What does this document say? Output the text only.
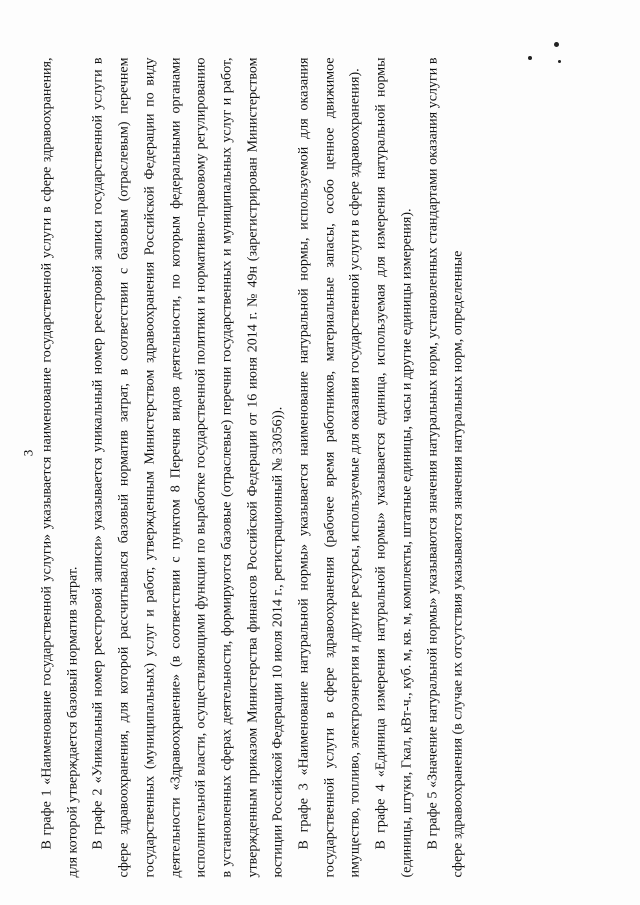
3 В графе 1 «Наименование государственной услуги» указывается наименование государственной услуги в сфере здравоохранения, для которой утверждается базовый норматив затрат. В графе 2 «Уникальный номер реестровой записи» указывается уникальный номер реестровой записи государственной услуги в сфере здравоохранения, для которой рассчитывался базовый норматив затрат, в соответствии с базовым (отраслевым) перечнем государственных (муниципальных) услуг и работ, утвержденным Министерством здравоохранения Российской Федерации по виду деятельности «Здравоохранение» (в соответствии с пунктом 8 Перечня видов деятельности, по которым федеральными органами исполнительной власти, осуществляющими функции по выработке государственной политики и нормативно-правовому регулированию в установленных сферах деятельности, формируются базовые (отраслевые) перечни государственных и муниципальных услуг и работ, утвержденным приказом Министерства финансов Российской Федерации от 16 июня 2014 г. № 49н (зарегистрирован Министерством юстиции Российской Федерации 10 июля 2014 г., регистрационный № 33056)). В графе 3 «Наименование натуральной нормы» указывается наименование натуральной нормы, используемой для оказания государственной услуги в сфере здравоохранения (рабочее время работников, материальные запасы, особо ценное движимое имущество, топливо, электроэнергия и другие ресурсы, используемые для оказания государственной услуги в сфере здравоохранения). В графе 4 «Единица измерения натуральной нормы» указывается единица, используемая для измерения натуральной нормы (единицы, штуки, Гкал, кВт-ч., куб. м, кв. м, комплекты, штатные единицы, часы и другие единицы измерения). В графе 5 «Значение натуральной нормы» указываются значения натуральных норм, установленных стандартами оказания услуги в сфере здравоохранения (в случае их отсутствия указываются значения натуральных норм, определенные
